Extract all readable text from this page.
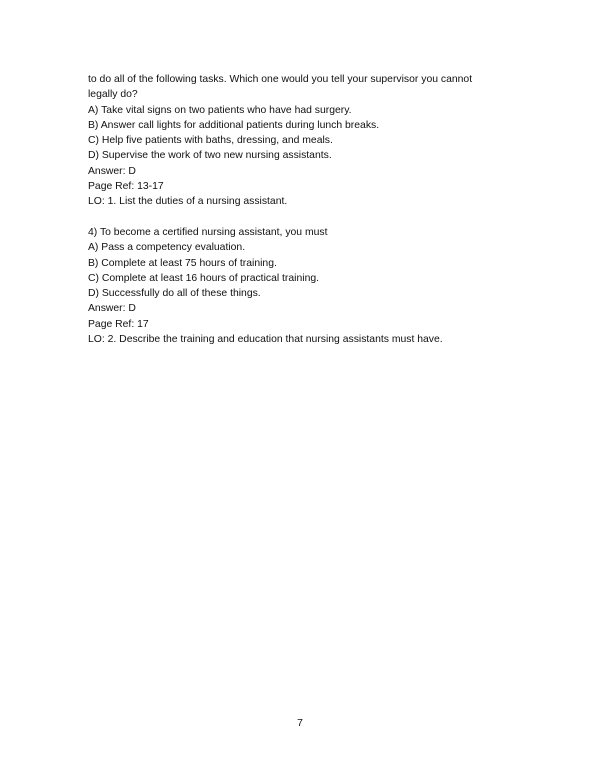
to do all of the following tasks. Which one would you tell your supervisor you cannot
legally do?
A) Take vital signs on two patients who have had surgery.
B) Answer call lights for additional patients during lunch breaks.
C) Help five patients with baths, dressing, and meals.
D) Supervise the work of two new nursing assistants.
Answer: D
Page Ref: 13-17
LO: 1. List the duties of a nursing assistant.
4) To become a certified nursing assistant, you must
A) Pass a competency evaluation.
B) Complete at least 75 hours of training.
C) Complete at least 16 hours of practical training.
D) Successfully do all of these things.
Answer: D
Page Ref: 17
LO: 2. Describe the training and education that nursing assistants must have.
7
